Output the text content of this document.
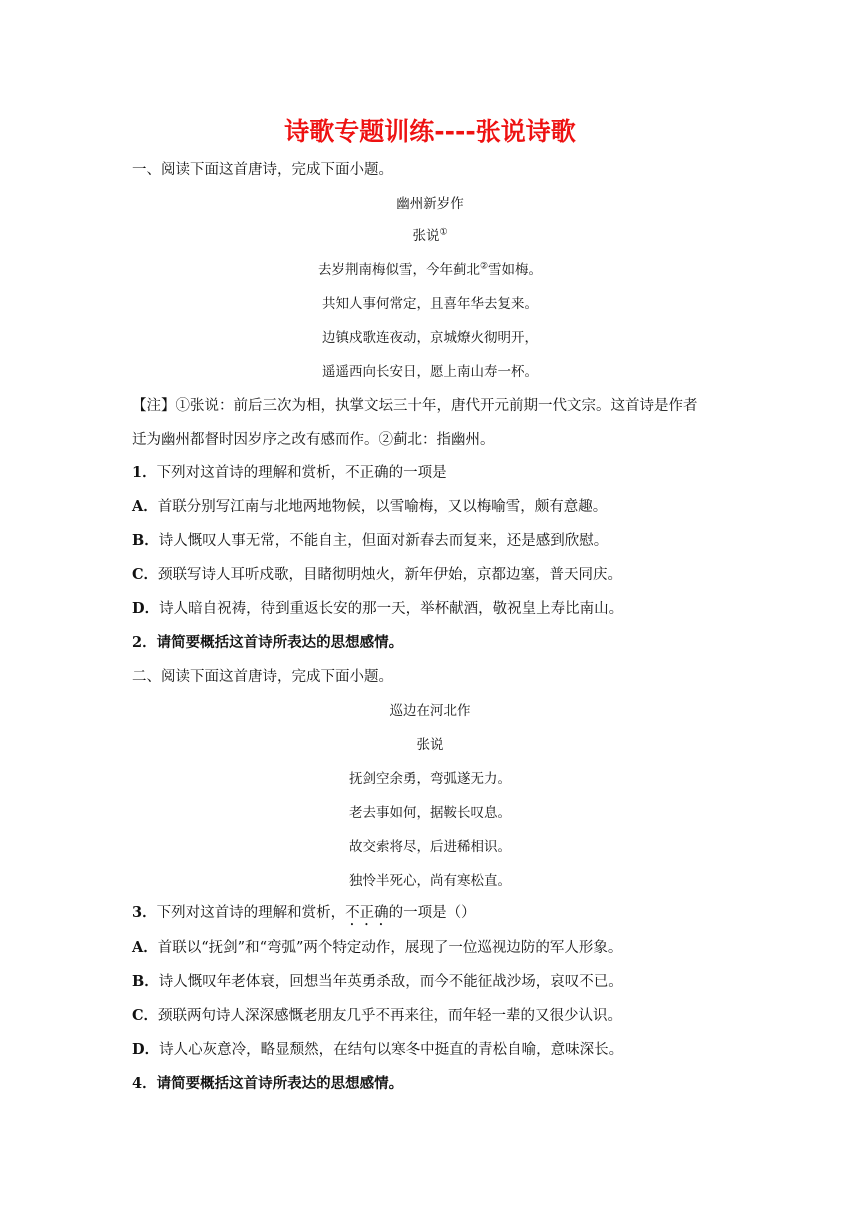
诗歌专题训练----张说诗歌
一、阅读下面这首唐诗，完成下面小题。
幽州新岁作
张说①
去岁荆南梅似雪，今年蓟北②雪如梅。
共知人事何常定，且喜年华去复来。
边镇戍歌连夜动，京城燎火彻明开，
遥遥西向长安日，愿上南山寿一杯。
【注】①张说：前后三次为相，执掌文坛三十年，唐代开元前期一代文宗。这首诗是作者
迁为幽州都督时因岁序之改有感而作。②蓟北：指幽州。
1．下列对这首诗的理解和赏析，不正确的一项是
A．首联分别写江南与北地两地物候，以雪喻梅，又以梅喻雪，颇有意趣。
B．诗人慨叹人事无常，不能自主，但面对新春去而复来，还是感到欣慰。
C．颈联写诗人耳听戍歌，目睹彻明烛火，新年伊始，京都边塞，普天同庆。
D．诗人暗自祝祷，待到重返长安的那一天，举杯献酒，敬祝皇上寿比南山。
2．请简要概括这首诗所表达的思想感情。
二、阅读下面这首唐诗，完成下面小题。
巡边在河北作
张说
抚剑空余勇，弯弧遂无力。
老去事如何，据鞍长叹息。
故交索将尽，后进稀相识。
独怜半死心，尚有寒松直。
3．下列对这首诗的理解和赏析，不正确的一项是（）
A．首联以“抚剑”和“弯弧”两个特定动作，展现了一位巡视边防的军人形象。
B．诗人慨叹年老体衰，回想当年英勇杀敌，而今不能征战沙场，哀叹不已。
C．颈联两句诗人深深感慨老朋友几乎不再来往，而年轻一辈的又很少认识。
D．诗人心灰意冷，略显颓然，在结句以寒冬中挺直的青松自喻，意味深长。
4．请简要概括这首诗所表达的思想感情。
